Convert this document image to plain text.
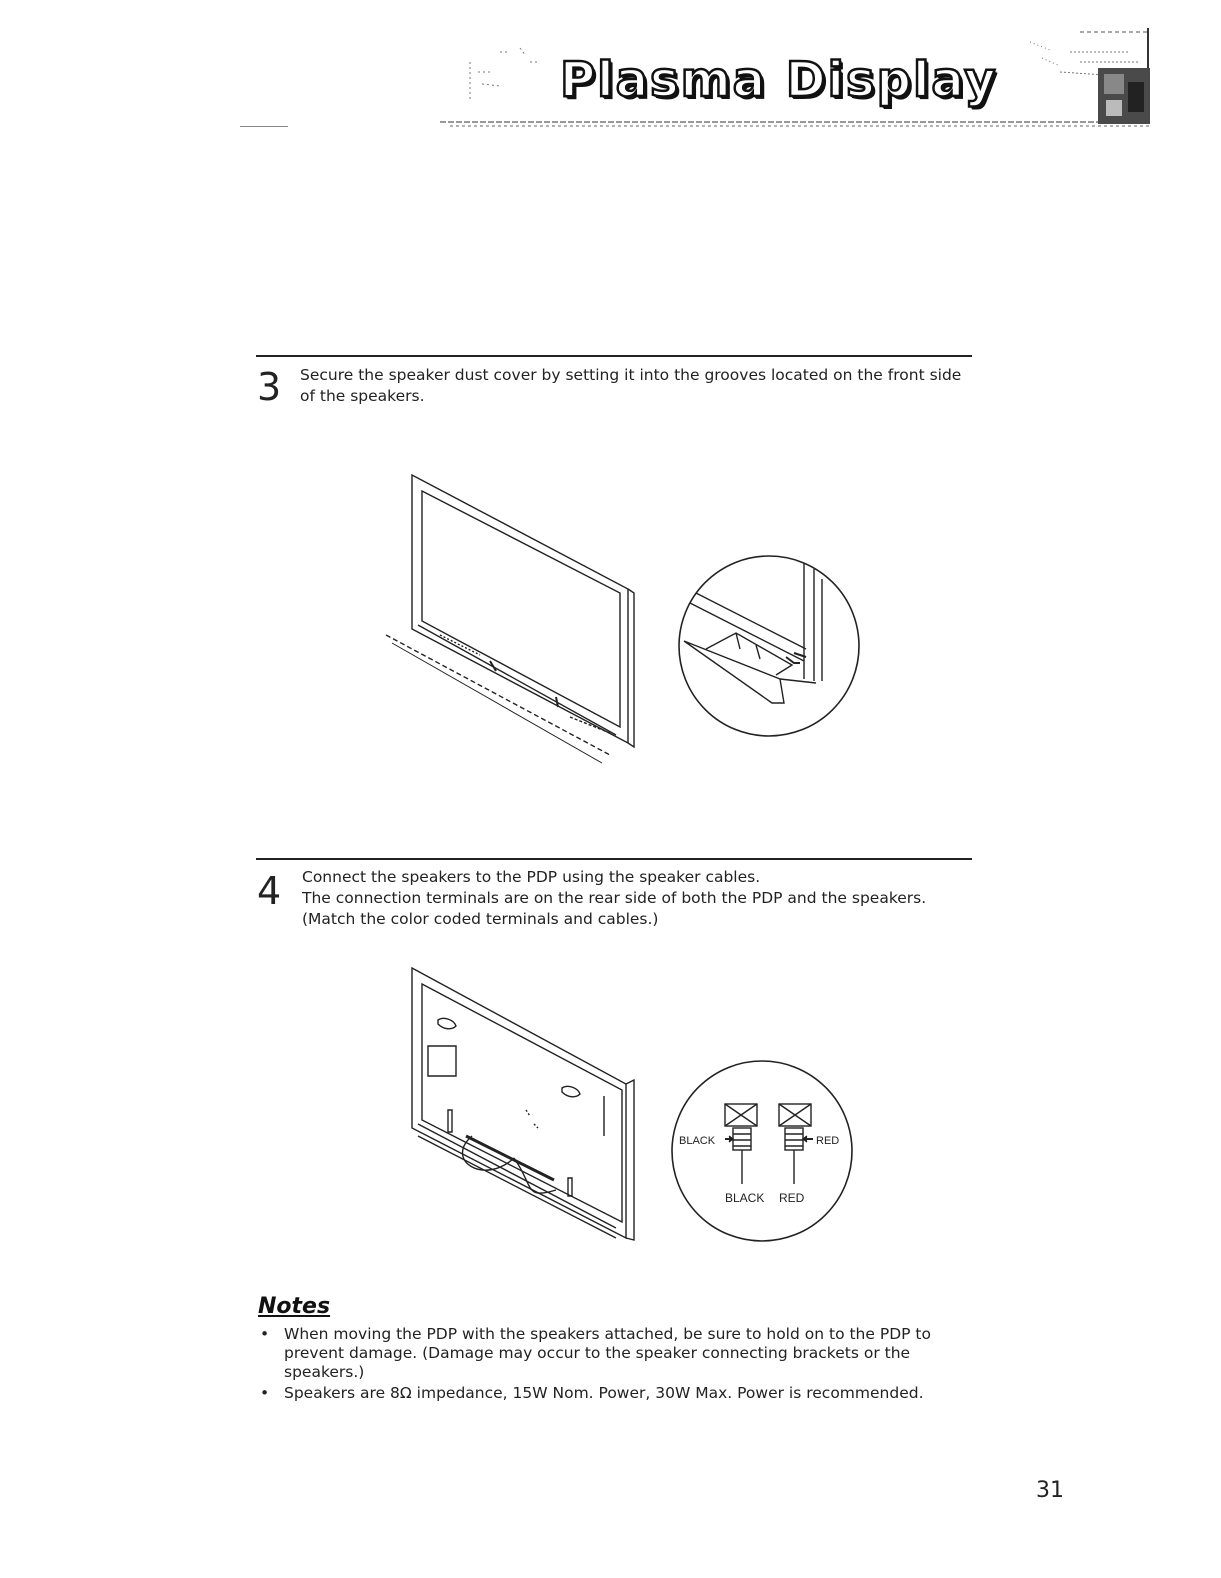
Plasma Display
3 Secure the speaker dust cover by setting it into the grooves located on the front side

of the speakers.

4 Connect the speakers to the PDP using the speaker cables.

The connection terminals are on the rear side of both the PDP and the speakers.

(Match the color coded terminals and cables.)

BLACK	RED
BLACK RED
Notes
• When moving the PDP with the speakers attached, be sure to hold on to the PDP to prevent damage. (Damage may occur to the speaker connecting brackets or the speakers.)
• Speakers are 8Ω impedance, 15W Nom. Power, 30W Max. Power is recommended.
31
